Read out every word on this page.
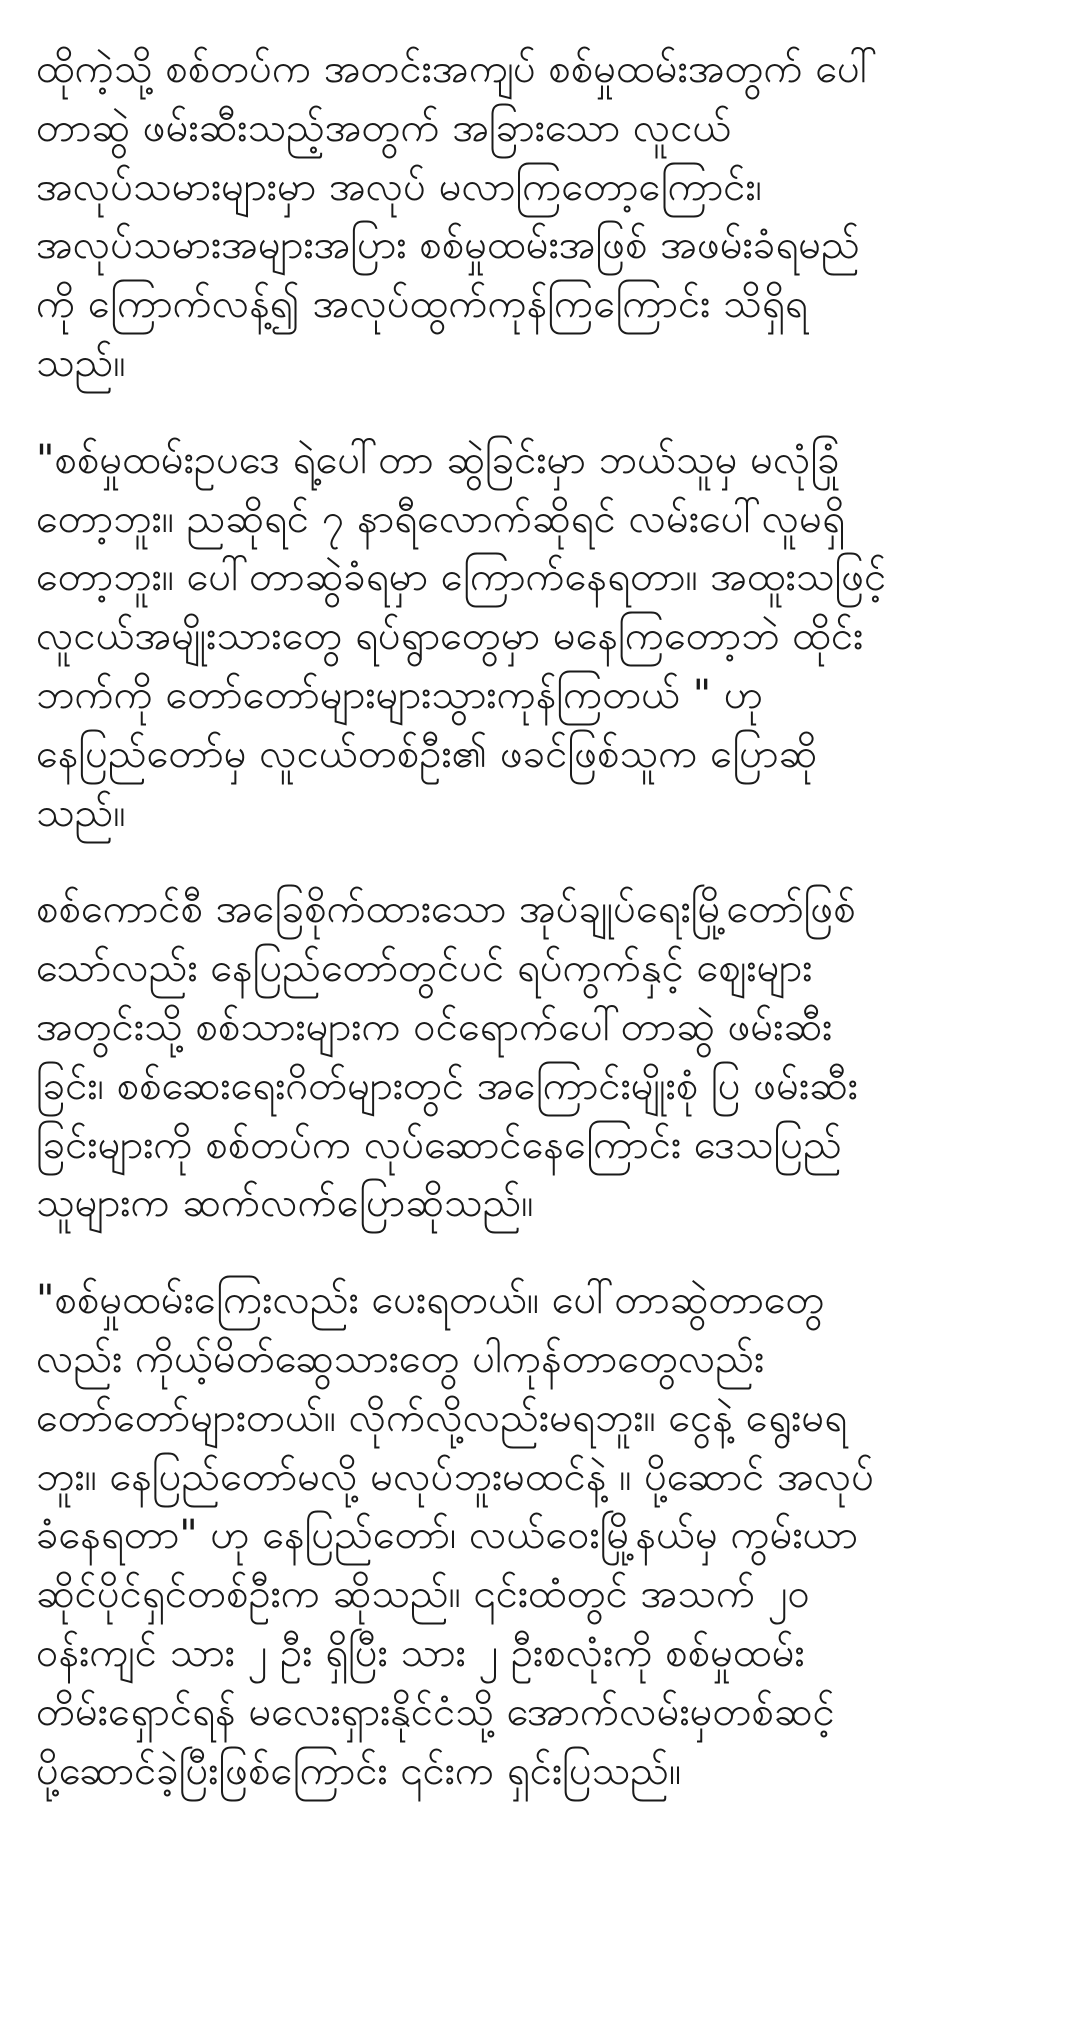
ထိုကဲ့သို့ စစ်တပ်က အတင်းအကျပ် စစ်မှုထမ်းအတွက် ပေါ်
တာဆွဲ ဖမ်းဆီးသည့်အတွက် အခြားသော လူငယ်
အလုပ်သမားများမှာ အလုပ် မလာကြတော့ကြောင်း၊
အလုပ်သမားအများအပြား စစ်မှုထမ်းအဖြစ် အဖမ်းခံရမည်
ကို ကြောက်လန့်၍ အလုပ်ထွက်ကုန်ကြကြောင်း သိရှိရ
သည်။

"စစ်မှုထမ်းဥပဒေ ရဲ့ပေါ်တာ ဆွဲခြင်းမှာ ဘယ်သူမှ မလုံခြုံ
တော့ဘူး။ ညဆိုရင် ၇ နာရီလောက်ဆိုရင် လမ်းပေါ်လူမရှိ
တော့ဘူး။ ပေါ်တာဆွဲခံရမှာ ကြောက်နေရတာ။ အထူးသဖြင့်
လူငယ်အမျိုးသားတွေ ရပ်ရွာတွေမှာ မနေကြတော့ဘဲ ထိုင်း
ဘက်ကို တော်တော်များများသွားကုန်ကြတယ် " ဟု
နေပြည်တော်မှ လူငယ်တစ်ဦး၏ ဖခင်ဖြစ်သူက ပြောဆို
သည်။

စစ်ကောင်စီ အခြေစိုက်ထားသော အုပ်ချုပ်ရေးမြို့တော်ဖြစ်
သော်လည်း နေပြည်တော်တွင်ပင် ရပ်ကွက်နှင့် ဈေးများ
အတွင်းသို့ စစ်သားများက ဝင်ရောက်ပေါ်တာဆွဲ ဖမ်းဆီး
ခြင်း၊ စစ်ဆေးရေးဂိတ်များတွင် အကြောင်းမျိုးစုံ ပြ ဖမ်းဆီး
ခြင်းများကို စစ်တပ်က လုပ်ဆောင်နေကြောင်း ဒေသပြည်
သူများက ဆက်လက်ပြောဆိုသည်။

"စစ်မှုထမ်းကြေးလည်း ပေးရတယ်။ ပေါ်တာဆွဲတာတွေ
လည်း ကိုယ့်မိတ်ဆွေသားတွေ ပါကုန်တာတွေလည်း
တော်တော်များတယ်။ လိုက်လို့လည်းမရဘူး။ ငွေနဲ့ ရွေးမရ
ဘူး။ နေပြည်တော်မလို့ မလုပ်ဘူးမထင်နဲ့ ။ ပို့ဆောင် အလုပ်
ခံနေရတာ" ဟု နေပြည်တော်၊ လယ်ဝေးမြို့နယ်မှ ကွမ်းယာ
ဆိုင်ပိုင်ရှင်တစ်ဦးက ဆိုသည်။ ၎င်းထံတွင် အသက် ၂၀
ဝန်းကျင် သား ၂ ဦး ရှိပြီး သား ၂ ဦးစလုံးကို စစ်မှုထမ်း
တိမ်းရှောင်ရန် မလေးရှားနိုင်ငံသို့ အောက်လမ်းမှတစ်ဆင့်
ပို့ဆောင်ခဲ့ပြီးဖြစ်ကြောင်း ၎င်းက ရှင်းပြသည်။
